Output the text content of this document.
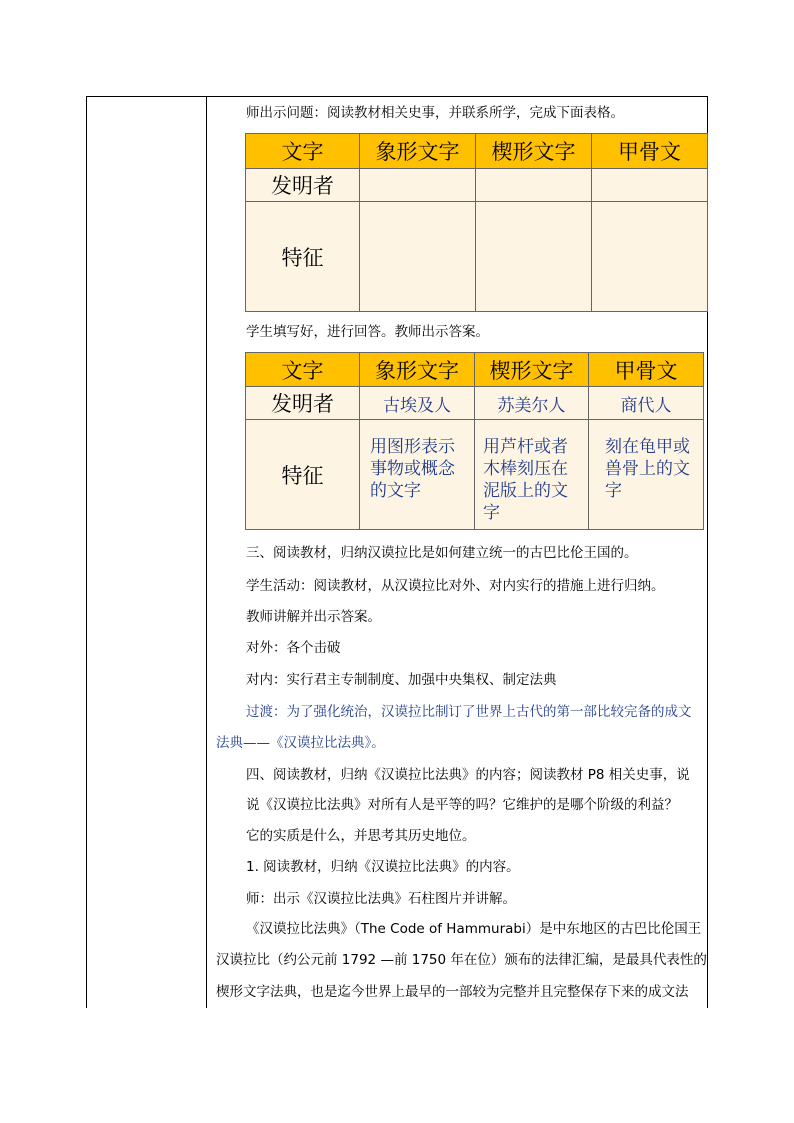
师出示问题：阅读教材相关史事，并联系所学，完成下面表格。
文字	象形文字	楔形文字	甲骨文
发明者			
特征			
学生填写好，进行回答。教师出示答案。
文字	象形文字	楔形文字	甲骨文
发明者	古埃及人	苏美尔人	商代人
特征	用图形表示事物或概念的文字	用芦杆或者木棒刻压在泥版上的文字	刻在龟甲或兽骨上的文字
三、阅读教材，归纳汉谟拉比是如何建立统一的古巴比伦王国的。
学生活动：阅读教材，从汉谟拉比对外、对内实行的措施上进行归纳。
教师讲解并出示答案。
对外：各个击破
对内：实行君主专制制度、加强中央集权、制定法典
过渡：为了强化统治，汉谟拉比制订了世界上古代的第一部比较完备的成文
法典——《汉谟拉比法典》。
四、阅读教材，归纳《汉谟拉比法典》的内容；阅读教材 P8 相关史事，说
说《汉谟拉比法典》对所有人是平等的吗？它维护的是哪个阶级的利益？
它的实质是什么，并思考其历史地位。
1. 阅读教材，归纳《汉谟拉比法典》的内容。
师：出示《汉谟拉比法典》石柱图片并讲解。
《汉谟拉比法典》（The Code of Hammurabi）是中东地区的古巴比伦国王
汉谟拉比（约公元前 1792 —前 1750 年在位）颁布的法律汇编，是最具代表性的
楔形文字法典，也是迄今世界上最早的一部较为完整并且完整保存下来的成文法
